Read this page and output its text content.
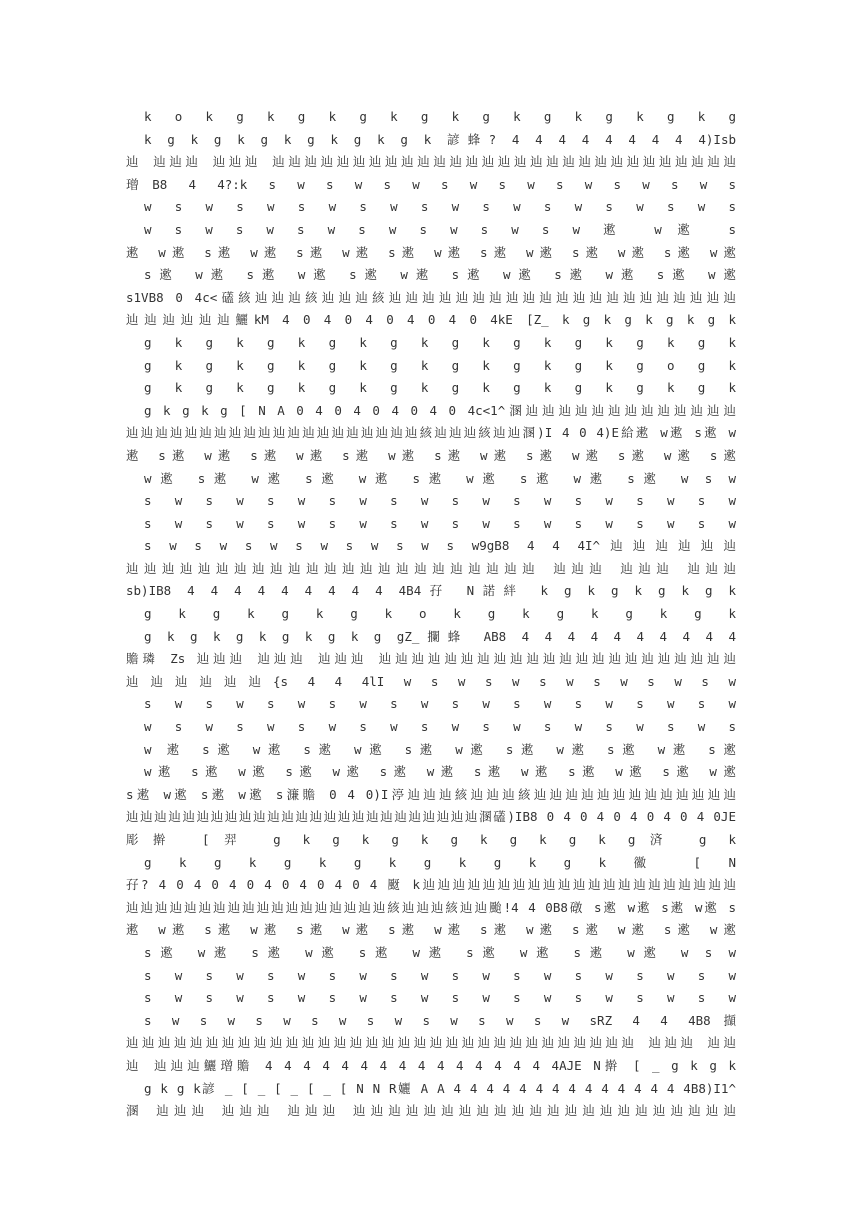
k o k g k g k g k g k g k g k g k g k g
k g k g k g k g k g k g k 諺蜂? 4 4 4 4 4 4 4 4 4)Isb
辿 辿辿辿 辿辿辿 辿辿辿辿辿辿辿辿辿辿辿辿辿辿辿辿辿辿辿辿辿辿辿辿辿辿辿辿辿
璔B8 4 4?:k s w s w s w s w s w s w s w s w s
w s w s w s w s w s w s w s w s w s w s
w s w s w s w s w s w s w s w 遬 w遬 s
遬 w遬 s遬 w遬 s遬 w遬 s遬 w遬 s遬 w遬 s遬 w遬 s遬 w遬
s遬 w遬 s遬 w遬 s遬 w遬 s遬 w遬 s遬 w遬 s遬 w遬
s1VB8 0 4c<礚絯辿辿辿絯辿辿辿絯辿辿辿辿辿辿辿辿辿辿辿辿辿辿辿辿辿辿辿辿辿
辿辿辿辿辿辿鱺kM 4 0 4 0 4 0 4 0 4 0 4kE [Z_ k g k g k g k g k
g k g k g k g k g k g k g k g k g k g k
g k g k g k g k g k g k g k g k g o g k
g k g k g k g k g k g k g k g k g k g k
g k g k g [ N A 0 4 0 4 0 4 0 4 0 4c<1^溷辿辿辿辿辿辿辿辿辿辿辿辿辿
辿辿辿辿辿辿辿辿辿辿辿辿辿辿辿辿辿辿辿辿絯辿辿辿絯辿辿溷)I 4 0 4)E給遬 w遬 s遬 w
遬 s遬 w遬 s遬 w遬 s遬 w遬 s遬 w遬 s遬 w遬 s遬 w遬 s遬
w遬 s遬 w遬 s遬 w遬 s遬 w遬 s遬 w遬 s遬 w s w
s w s w s w s w s w s w s w s w s w s w
s w s w s w s w s w s w s w s w s w s w
s w s w s w s w s w s w s w9gB8 4 4 4I^辿辿辿辿辿辿
辿辿辿辿辿辿辿辿辿辿辿辿辿辿辿辿辿辿辿辿辿辿辿 辿辿辿 辿辿辿 辿辿辿
sb)IB8 4 4 4 4 4 4 4 4 4 4B4孖 N諾絆 k g k g k g k g k
g k g k g k g k o k g k g k g k g k
g k g k g k g k g k g gZ_攔蜂 AB8 4 4 4 4 4 4 4 4 4 4
贍璘 Zs 辿辿辿 辿辿辿 辿辿辿 辿辿辿辿辿辿辿辿辿辿辿辿辿辿辿辿辿辿辿辿辿辿
辿辿辿辿辿辿{s 4 4 4lI w s w s w s w s w s w s w
s w s w s w s w s w s w s w s w s w s w
w s w s w s w s w s w s w s w s w s w s
w 遬 s遬 w遬 s遬 w遬 s遬 w遬 s遬 w遬 s遬 w遬 s遬
w遬 s遬 w遬 s遬 w遬 s遬 w遬 s遬 w遬 s遬 w遬 s遬 w遬
s遬 w遬 s遬 w遬 s濂贍 0 4 0)I渟辿辿辿絯辿辿辿絯辿辿辿辿辿辿辿辿辿辿辿辿辿
辿辿辿辿辿辿辿辿辿辿辿辿辿辿辿辿辿辿辿辿辿辿辿辿辿溷礚)IB8 0 4 0 4 0 4 0 4 0 4 0JE
彫擀 [羿 g k g k g k g k g k g k g済 g k
g k g k g k g k g k g k g k 鰴 [ N
孖? 4 0 4 0 4 0 4 0 4 0 4 0 4 颬 k辿辿辿辿辿辿辿辿辿辿辿辿辿辿辿辿辿辿辿辿辿
辿辿辿辿辿辿辿辿辿辿辿辿辿辿辿辿辿辿絯辿辿辿絯辿辿颱!4 4 0B8礅 s遬 w遬 s遬 w遬 s
遬 w遬 s遬 w遬 s遬 w遬 s遬 w遬 s遬 w遬 s遬 w遬 s遬 w遬
s遬 w遬 s遬 w遬 s遬 w遬 s遬 w遬 s遬 w遬 w s w
s w s w s w s w s w s w s w s w s w s w
s w s w s w s w s w s w s w s w s w s w
s w s w s w s w s w s w s w s w sRZ 4 4 4B8擷
辿辿辿辿辿辿辿辿辿辿辿辿辿辿辿辿辿辿辿辿辿辿辿辿辿辿辿辿辿辿辿辿 辿辿辿 辿辿
辿 辿辿辿鱺璔贍 4 4 4 4 4 4 4 4 4 4 4 4 4 4 4 4AJE N擀 [ _ g k g k
g k g k諺 _ [ _ [ _ [ _ [ N N R孋 A A 4 4 4 4 4 4 4 4 4 4 4 4 4 4 4B8)I1^
溷 辿辿辿 辿辿辿 辿辿辿 辿辿辿辿辿辿辿辿辿辿辿辿辿辿辿辿辿辿辿辿辿辿
